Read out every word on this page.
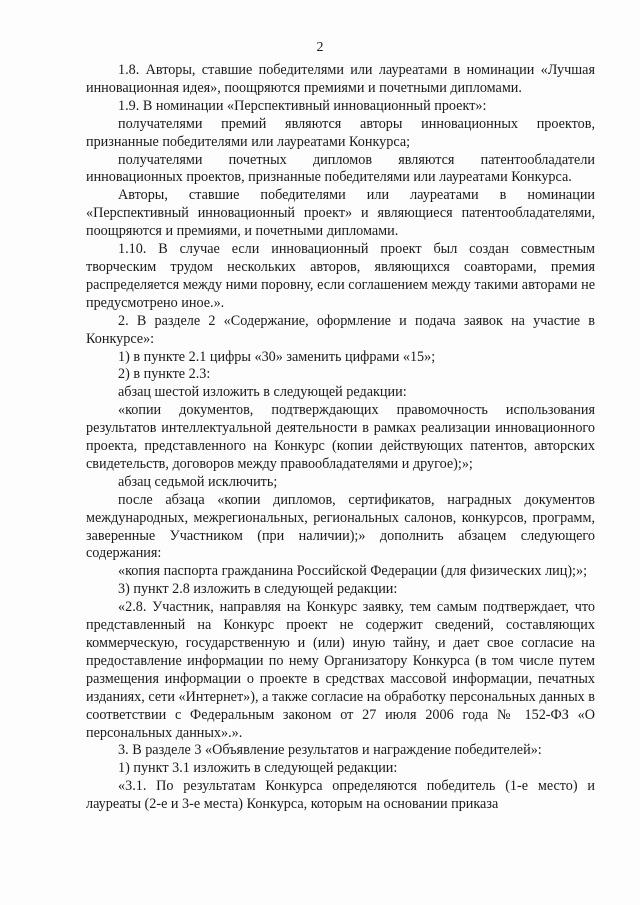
2

1.8. Авторы, ставшие победителями или лауреатами в номинации «Лучшая инновационная идея», поощряются премиями и почетными дипломами.

1.9. В номинации «Перспективный инновационный проект»:

получателями премий являются авторы инновационных проектов, признанные победителями или лауреатами Конкурса;

получателями почетных дипломов являются патентообладатели инновационных проектов, признанные победителями или лауреатами Конкурса.

Авторы, ставшие победителями или лауреатами в номинации «Перспективный инновационный проект» и являющиеся патентообладателями, поощряются и премиями, и почетными дипломами.

1.10. В случае если инновационный проект был создан совместным творческим трудом нескольких авторов, являющихся соавторами, премия распределяется между ними поровну, если соглашением между такими авторами не предусмотрено иное.».

2. В разделе 2 «Содержание, оформление и подача заявок на участие в Конкурсе»:

1) в пункте 2.1 цифры «30» заменить цифрами «15»;

2) в пункте 2.3:

абзац шестой изложить в следующей редакции:

«копии документов, подтверждающих правомочность использования результатов интеллектуальной деятельности в рамках реализации инновационного проекта, представленного на Конкурс (копии действующих патентов, авторских свидетельств, договоров между правообладателями и другое);»;

абзац седьмой исключить;

после абзаца «копии дипломов, сертификатов, наградных документов международных, межрегиональных, региональных салонов, конкурсов, программ, заверенные Участником (при наличии);» дополнить абзацем следующего содержания:

«копия паспорта гражданина Российской Федерации (для физических лиц);»;

3) пункт 2.8 изложить в следующей редакции:

«2.8. Участник, направляя на Конкурс заявку, тем самым подтверждает, что представленный на Конкурс проект не содержит сведений, составляющих коммерческую, государственную и (или) иную тайну, и дает свое согласие на предоставление информации по нему Организатору Конкурса (в том числе путем размещения информации о проекте в средствах массовой информации, печатных изданиях, сети «Интернет»), а также согласие на обработку персональных данных в соответствии с Федеральным законом от 27 июля 2006 года № 152-ФЗ «О персональных данных».».

3. В разделе 3 «Объявление результатов и награждение победителей»:

1) пункт 3.1 изложить в следующей редакции:

«3.1. По результатам Конкурса определяются победитель (1-е место) и лауреаты (2-е и 3-е места) Конкурса, которым на основании приказа
